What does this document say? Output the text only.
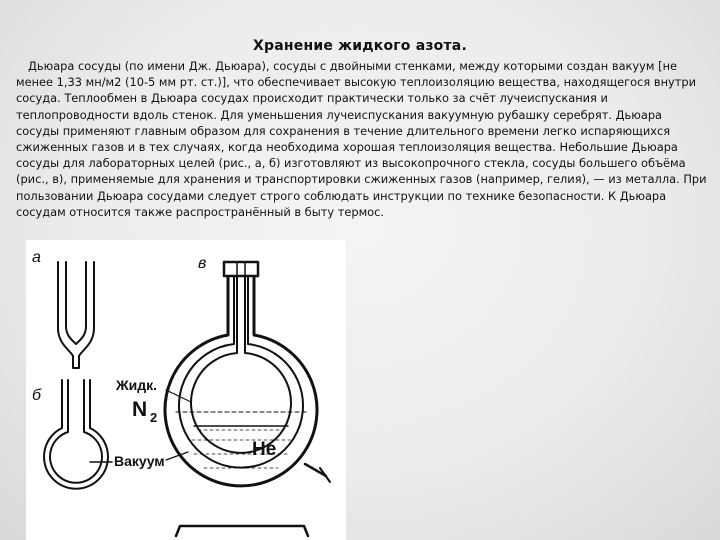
Хранение жидкого азота.
Дьюара сосуды (по имени Дж. Дьюара), сосуды с двойными стенками, между которыми создан вакуум [не менее 1,33 мн/м2 (10-5 мм рт. ст.)], что обеспечивает высокую теплоизоляцию вещества, находящегося внутри сосуда. Теплообмен в Дьюара сосудах происходит практически только за счёт лучеиспускания и теплопроводности вдоль стенок. Для уменьшения лучеиспускания вакуумную рубашку серебрят. Дьюара сосуды применяют главным образом для сохранения в течение длительного времени легко испаряющихся сжиженных газов и в тех случаях, когда необходима хорошая теплоизоляция вещества. Небольшие Дьюара сосуды для лабораторных целей (рис., а, б) изготовляют из высокопрочного стекла, сосуды большего объёма (рис., в), применяемые для хранения и транспортировки сжиженных газов (например, гелия), — из металла. При пользовании Дьюара сосудами следует строго соблюдать инструкции по технике безопасности. К Дьюара сосудам относится также распространённый в быту термос.
а
б
в
Жидк.
N 2
Вакуум
He
